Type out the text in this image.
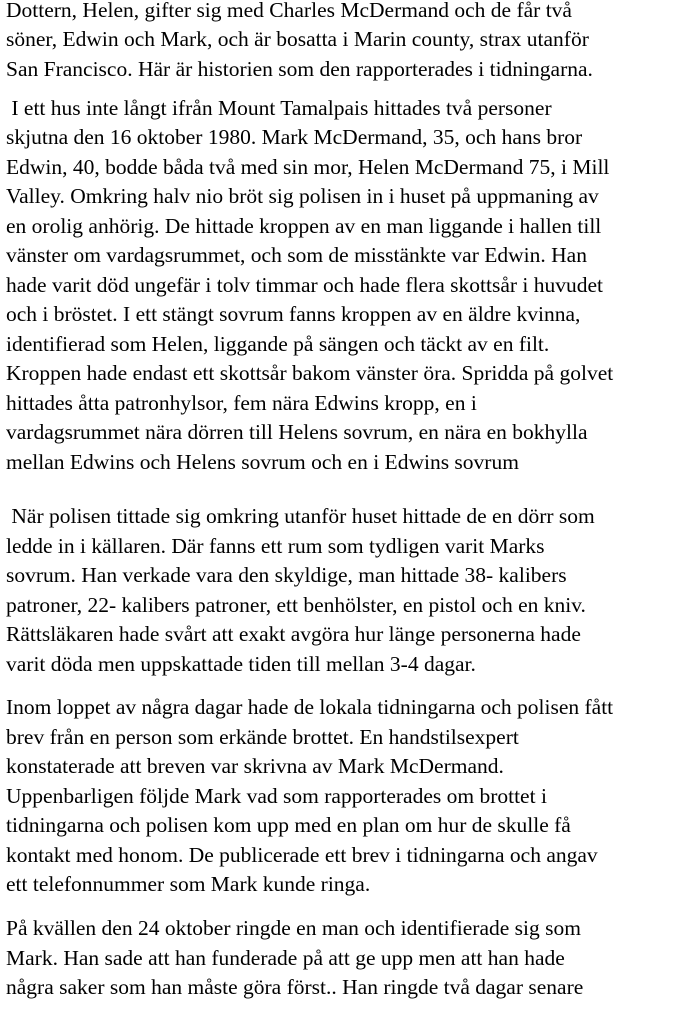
Dottern, Helen, gifter sig med Charles McDermand och de får två
söner, Edwin och Mark, och är bosatta i Marin county, strax utanför
San Francisco. Här är historien som den rapporterades i tidningarna.
I ett hus inte långt ifrån Mount Tamalpais hittades två personer
skjutna den 16 oktober 1980. Mark McDermand, 35, och hans bror
Edwin, 40, bodde båda två med sin mor, Helen McDermand 75, i Mill
Valley. Omkring halv nio bröt sig polisen in i huset på uppmaning av
en orolig anhörig. De hittade kroppen av en man liggande i hallen till
vänster om vardagsrummet, och som de misstänkte var Edwin. Han
hade varit död ungefär i tolv timmar och hade flera skottsår i huvudet
och i bröstet. I ett stängt sovrum fanns kroppen av en äldre kvinna,
identifierad som Helen, liggande på sängen och täckt av en filt.
Kroppen hade endast ett skottsår bakom vänster öra. Spridda på golvet
hittades åtta patronhylsor, fem nära Edwins kropp, en i
vardagsrummet nära dörren till Helens sovrum, en nära en bokhylla
mellan Edwins och Helens sovrum och en i Edwins sovrum
När polisen tittade sig omkring utanför huset hittade de en dörr som
ledde in i källaren. Där fanns ett rum som tydligen varit Marks
sovrum. Han verkade vara den skyldige, man hittade 38- kalibers
patroner, 22- kalibers patroner, ett benhölster, en pistol och en kniv.
Rättsläkaren hade svårt att exakt avgöra hur länge personerna hade
varit döda men uppskattade tiden till mellan 3-4 dagar.
Inom loppet av några dagar hade de lokala tidningarna och polisen fått
brev från en person som erkände brottet. En handstilsexpert
konstaterade att breven var skrivna av Mark McDermand.
Uppenbarligen följde Mark vad som rapporterades om brottet i
tidningarna och polisen kom upp med en plan om hur de skulle få
kontakt med honom. De publicerade ett brev i tidningarna och angav
ett telefonnummer som Mark kunde ringa.
På kvällen den 24 oktober ringde en man och identifierade sig som
Mark. Han sade att han funderade på att ge upp men att han hade
några saker som han måste göra först.. Han ringde två dagar senare
